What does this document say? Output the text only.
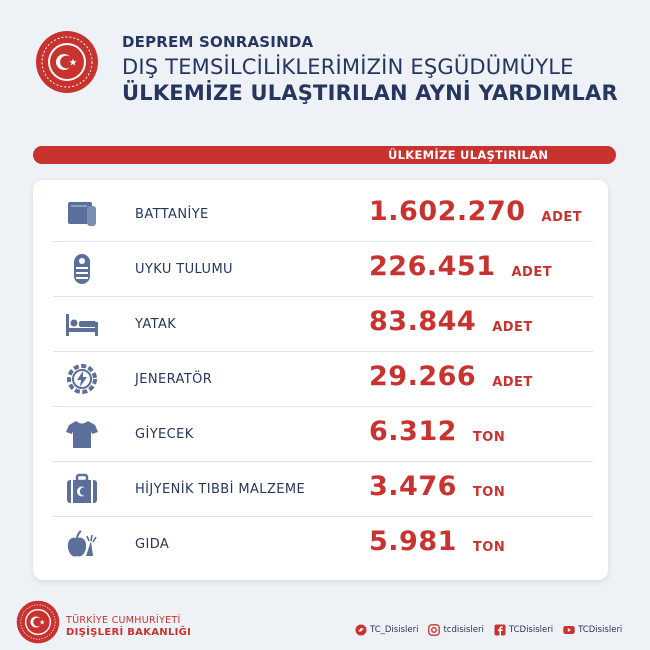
DEPREM SONRASINDA
DIŞ TEMSİLCİLİKLERİMİZİN EŞGÜDÜMÜYLE
ÜLKEMİZE ULAŞTIRILAN AYNİ YARDIMLAR
ÜLKEMİZE ULAŞTIRILAN
BATTANİYE	1.602.270 ADET
UYKU TULUMU	226.451 ADET
YATAK	83.844 ADET
JENERATÖR	29.266 ADET
GİYECEK	6.312 TON
HİJYENİK TIBBİ MALZEME 3.476 TON
GIDA	5.981 TON
TÜRKİYE CUMHURİYETİ
DIŞİŞLERİ BAKANLIĞI	TC_Disisleri	tcdisisleri	TCDisisleri	TCDisisleri
